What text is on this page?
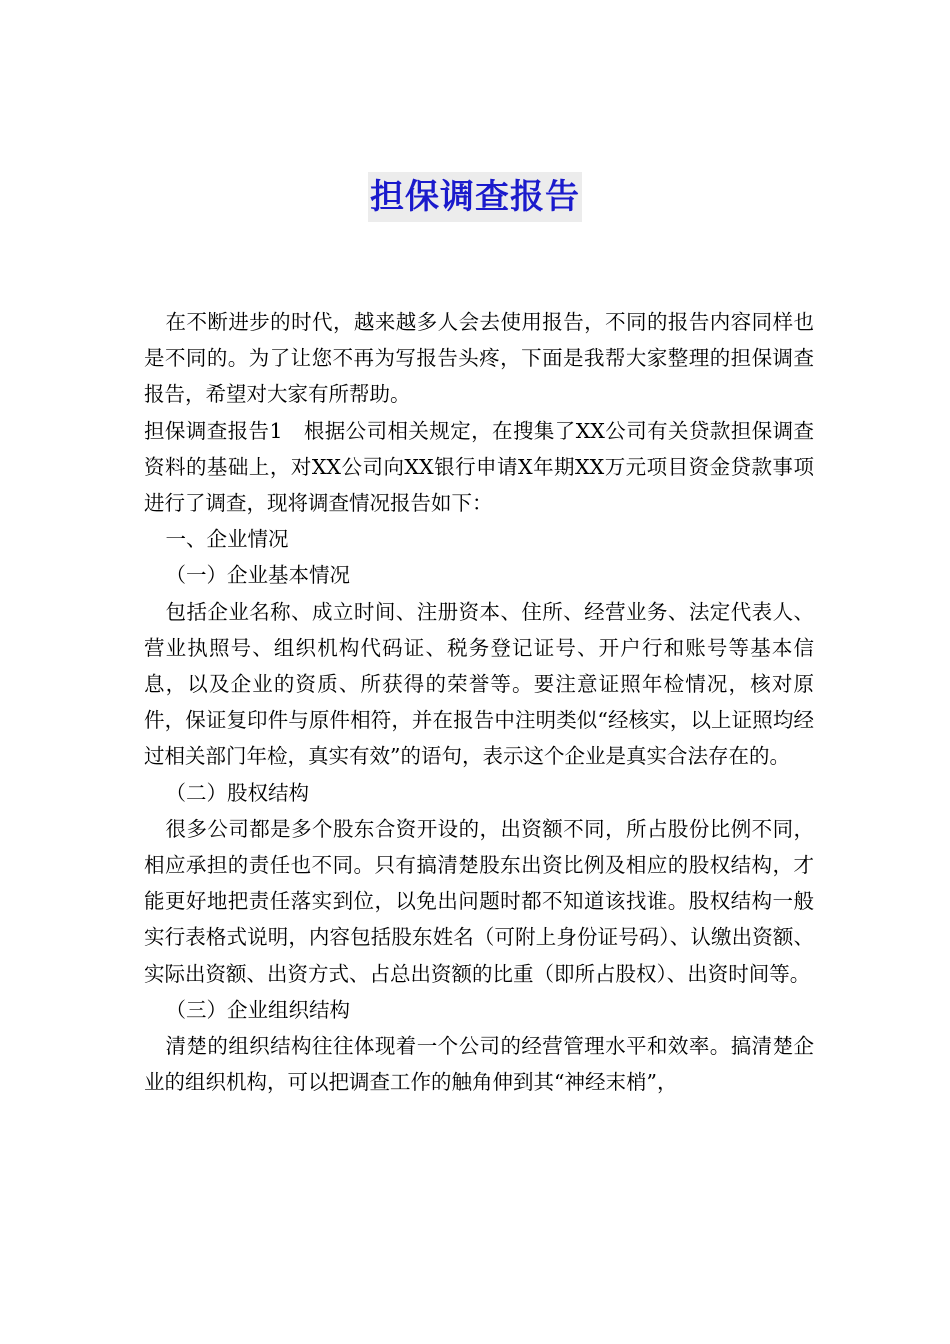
担保调查报告

在不断进步的时代，越来越多人会去使用报告，不同的报告内容同样也是不同的。为了让您不再为写报告头疼，下面是我帮大家整理的担保调查报告，希望对大家有所帮助。

担保调查报告1　根据公司相关规定，在搜集了XX公司有关贷款担保调查资料的基础上，对XX公司向XX银行申请X年期XX万元项目资金贷款事项进行了调查，现将调查情况报告如下：

一、企业情况

（一）企业基本情况

包括企业名称、成立时间、注册资本、住所、经营业务、法定代表人、营业执照号、组织机构代码证、税务登记证号、开户行和账号等基本信息，以及企业的资质、所获得的荣誉等。要注意证照年检情况，核对原件，保证复印件与原件相符，并在报告中注明类似“经核实，以上证照均经过相关部门年检，真实有效”的语句，表示这个企业是真实合法存在的。

（二）股权结构

很多公司都是多个股东合资开设的，出资额不同，所占股份比例不同，相应承担的责任也不同。只有搞清楚股东出资比例及相应的股权结构，才能更好地把责任落实到位，以免出问题时都不知道该找谁。股权结构一般实行表格式说明，内容包括股东姓名（可附上身份证号码）、认缴出资额、实际出资额、出资方式、占总出资额的比重（即所占股权）、出资时间等。

（三）企业组织结构

清楚的组织结构往往体现着一个公司的经营管理水平和效率。搞清楚企业的组织机构，可以把调查工作的触角伸到其“神经末梢”，
